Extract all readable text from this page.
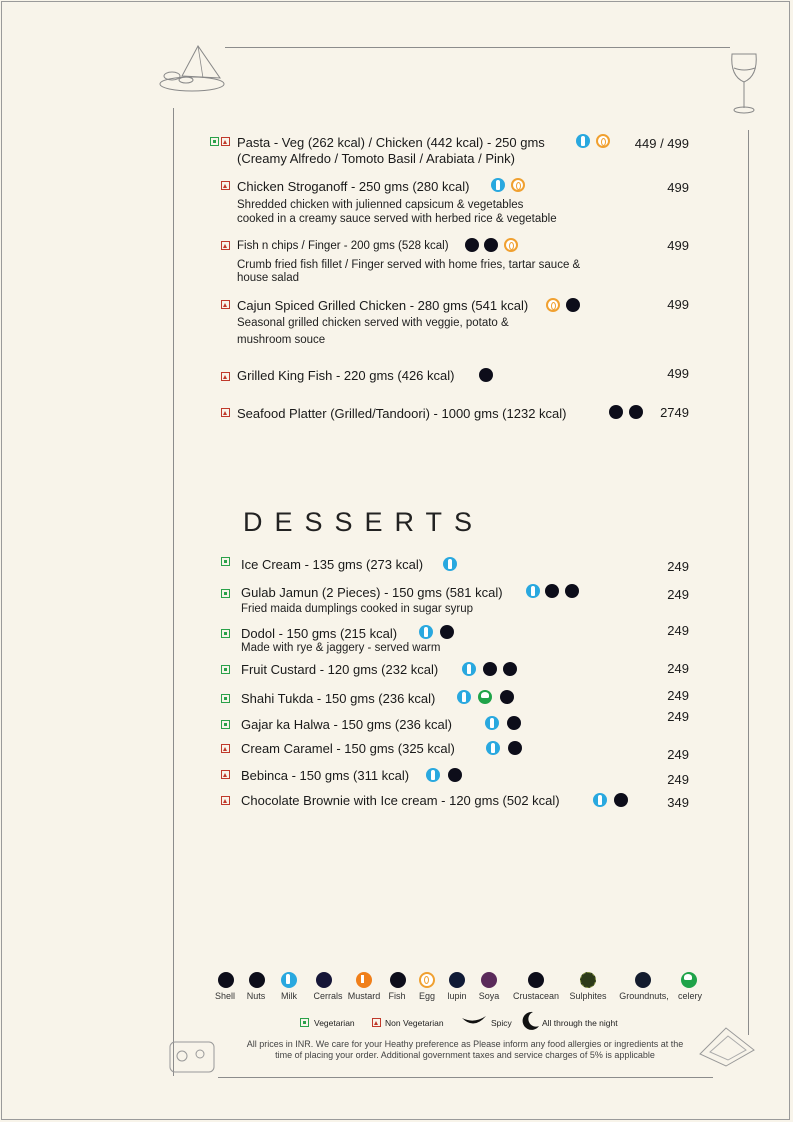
Pasta - Veg (262 kcal) / Chicken (442 kcal) - 250 gms
(Creamy Alfredo / Tomoto Basil / Arabiata / Pink)
449 / 499
Chicken Stroganoff - 250 gms (280 kcal)
Shredded chicken with julienned capsicum & vegetables
cooked in a creamy sauce served with herbed rice & vegetable
499
Fish n chips / Finger - 200 gms (528 kcal)
Crumb fried fish fillet / Finger served with home fries, tartar sauce &
house salad
499
Cajun Spiced Grilled Chicken - 280 gms (541 kcal)
Seasonal grilled chicken served with veggie, potato &
mushroom souce
499
Grilled King Fish - 220 gms (426 kcal)	499
Seafood Platter (Grilled/Tandoori) - 1000 gms (1232 kcal)	2749
DESSERTS
Ice Cream - 135 gms (273 kcal)	249
Gulab Jamun (2 Pieces) - 150 gms (581 kcal)
Fried maida dumplings cooked in sugar syrup
249
Dodol - 150 gms (215 kcal)
Made with rye & jaggery - served warm
249
Fruit Custard - 120 gms (232 kcal)	249
Shahi Tukda - 150 gms (236 kcal)	249
Gajar ka Halwa - 150 gms (236 kcal)
249
Cream Caramel - 150 gms (325 kcal)	249
Bebinca - 150 gms (311 kcal)	249
Chocolate Brownie with Ice cream - 120 gms (502 kcal)	349
Shell	Nuts	Milk	Cerrals Mustard Fish	Egg	lupin	Soya	Crustacean	Sulphites	Groundnuts,	celery
Vegetarian	Non Vegetarian	Spicy	All through the night
All prices in INR. We care for your Heathy preference as Please inform any food allergies or ingredients at the
time of placing your order. Additional government taxes and service charges of 5% is applicable
